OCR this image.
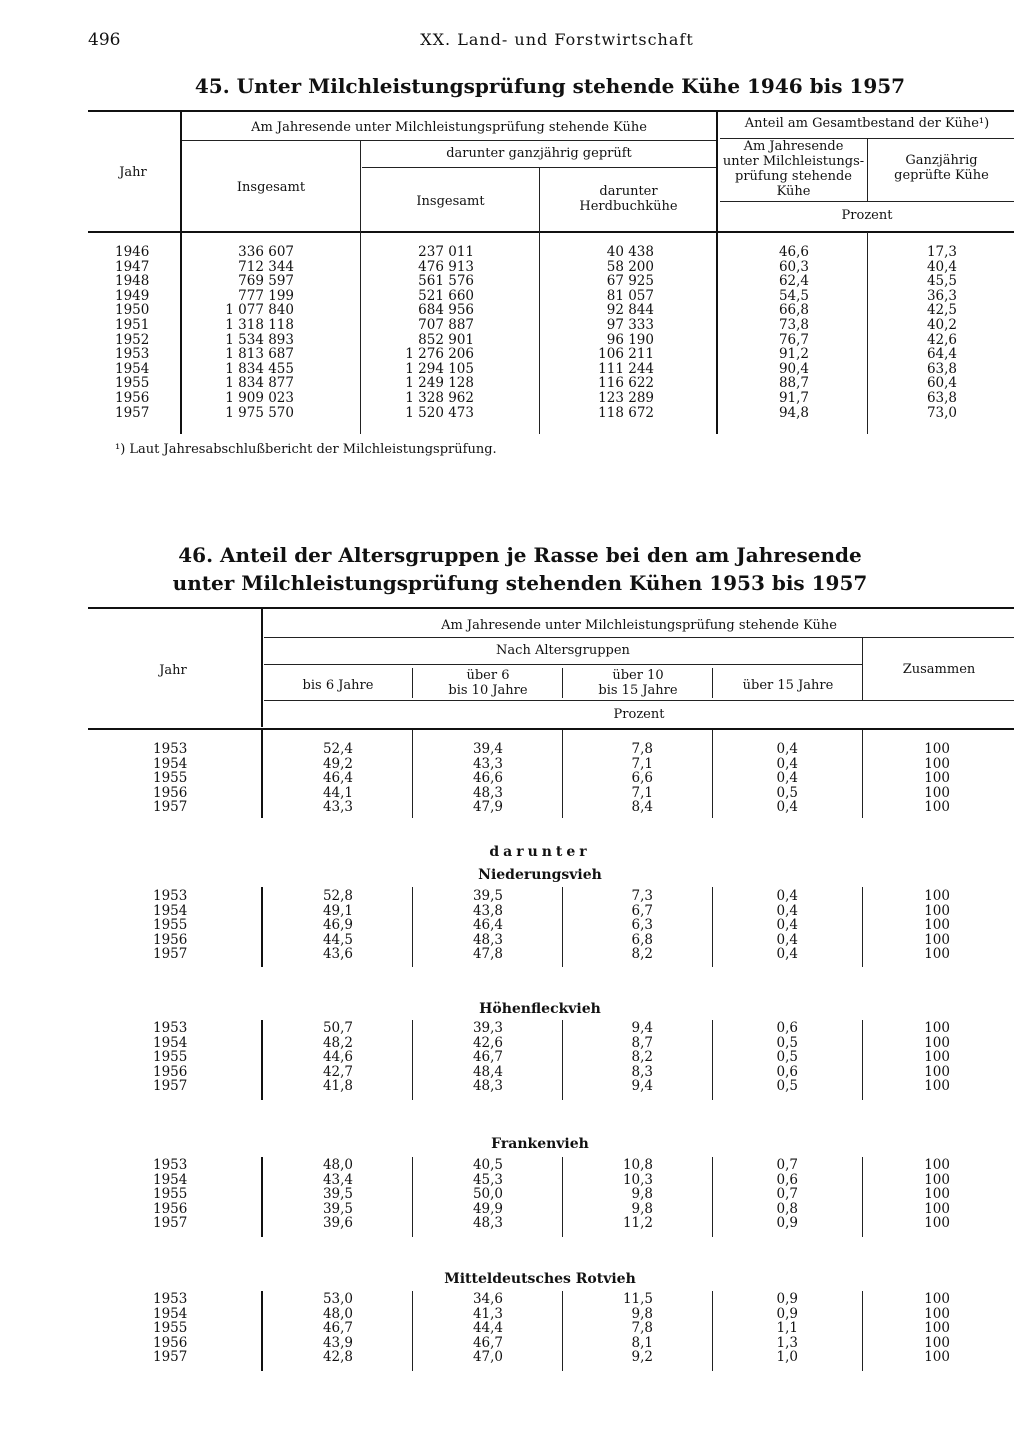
496	XX. Land- und Forstwirtschaft
45. Unter Milchleistungsprüfung stehende Kühe 1946 bis 1957
Jahr
Am Jahresende unter Milchleistungsprüfung stehende Kühe
Insgesamt
darunter ganzjährig geprüft
Insgesamt
darunter
Herdbuchkühe
Anteil am Gesamtbestand der Kühe¹)
Am Jahresende
unter Milchleistungs-
prüfung stehende
Kühe
Ganzjährig
geprüfte Kühe
Prozent
1946
1947
1948
1949
1950
1951
1952
1953
1954
1955
1956
1957
336 607
712 344
769 597
777 199
1 077 840
1 318 118
1 534 893
1 813 687
1 834 455
1 834 877
1 909 023
1 975 570
237 011
476 913
561 576
521 660
684 956
707 887
852 901
1 276 206
1 294 105
1 249 128
1 328 962
1 520 473
40 438
58 200
67 925
81 057
92 844
97 333
96 190
106 211
111 244
116 622
123 289
118 672
46,6
60,3
62,4
54,5
66,8
73,8
76,7
91,2
90,4
88,7
91,7
94,8
17,3
40,4
45,5
36,3
42,5
40,2
42,6
64,4
63,8
60,4
63,8
73,0
¹) Laut Jahresabschlußbericht der Milchleistungsprüfung.
46. Anteil der Altersgruppen je Rasse bei den am Jahresende
unter Milchleistungsprüfung stehenden Kühen 1953 bis 1957
Jahr
Am Jahresende unter Milchleistungsprüfung stehende Kühe
Nach Altersgruppen
bis 6 Jahre
über 6
bis 10 Jahre
über 10
bis 15 Jahre	über 15 Jahre
Zusammen
Prozent
1953
1954
1955
1956
1957
52,4
49,2
46,4
44,1
43,3
39,4
43,3
46,6
48,3
47,9
7,8
7,1
6,6
7,1
8,4
0,4
0,4
0,4
0,5
0,4
100
100
100
100
100
darunter
Niederungsvieh
1953
1954
1955
1956
1957
52,8
49,1
46,9
44,5
43,6
39,5
43,8
46,4
48,3
47,8
7,3
6,7
6,3
6,8
8,2
0,4
0,4
0,4
0,4
0,4
100
100
100
100
100
Höhenfleckvieh
1953
1954
1955
1956
1957
50,7
48,2
44,6
42,7
41,8
39,3
42,6
46,7
48,4
48,3
9,4
8,7
8,2
8,3
9,4
0,6
0,5
0,5
0,6
0,5
100
100
100
100
100
Frankenvieh
1953
1954
1955
1956
1957
48,0
43,4
39,5
39,5
39,6
40,5
45,3
50,0
49,9
48,3
10,8
10,3
9,8
9,8
11,2
0,7
0,6
0,7
0,8
0,9
100
100
100
100
100
Mitteldeutsches Rotvieh
1953
1954
1955
1956
1957
53,0
48,0
46,7
43,9
42,8
34,6
41,3
44,4
46,7
47,0
11,5
9,8
7,8
8,1
9,2
0,9
0,9
1,1
1,3
1,0
100
100
100
100
100
